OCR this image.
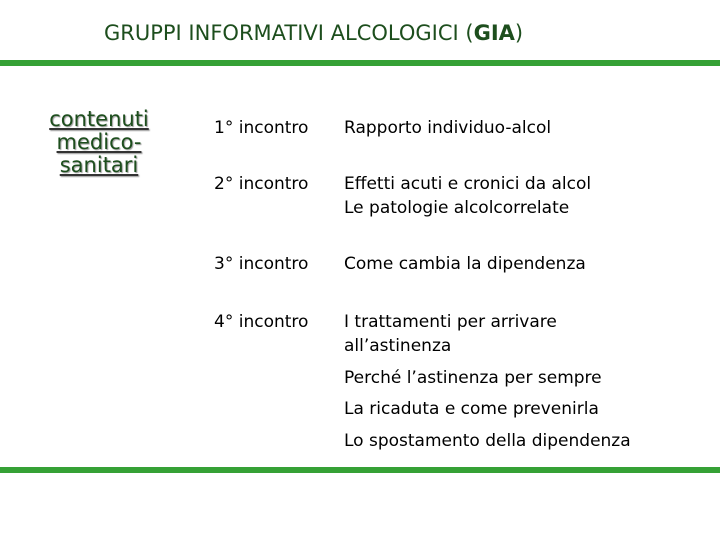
GRUPPI INFORMATIVI ALCOLOGICI (GIA)
contenuti
medico-
sanitari
1° incontro Rapporto individuo-alcol
2° incontro Effetti acuti e cronici da alcol
Le patologie alcolcorrelate
3° incontro Come cambia la dipendenza
4° incontro I trattamenti per arrivare
all’astinenza
Perché l’astinenza per sempre
La ricaduta e come prevenirla
Lo spostamento della dipendenza
